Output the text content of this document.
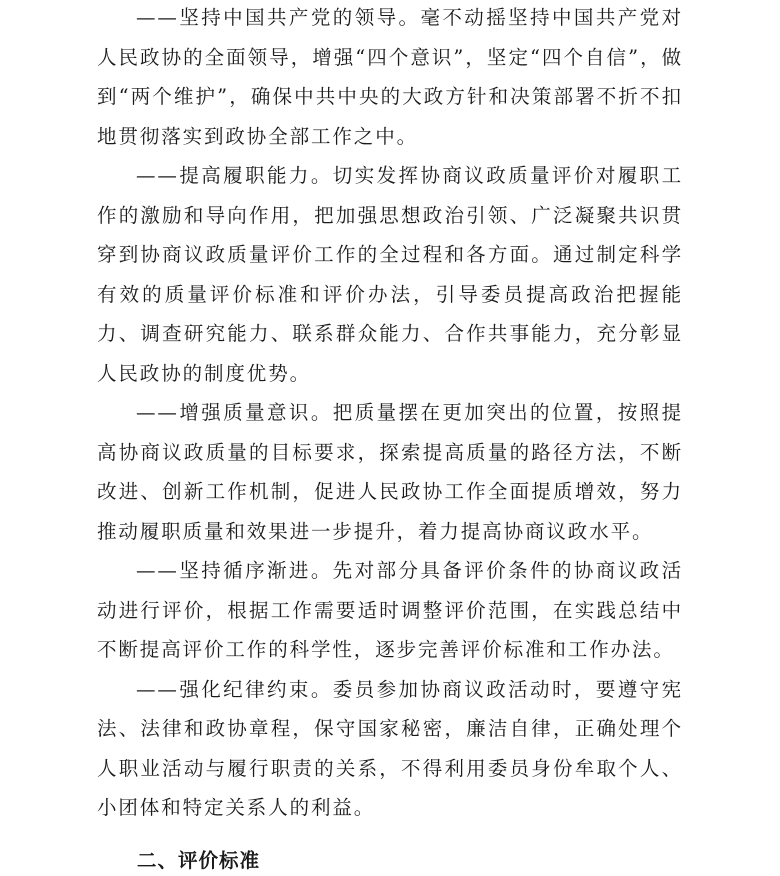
——坚持中国共产党的领导。毫不动摇坚持中国共产党对人民政协的全面领导，增强“四个意识”，坚定“四个自信”，做到“两个维护”，确保中共中央的大政方针和决策部署不折不扣地贯彻落实到政协全部工作之中。

——提高履职能力。切实发挥协商议政质量评价对履职工作的激励和导向作用，把加强思想政治引领、广泛凝聚共识贯穿到协商议政质量评价工作的全过程和各方面。通过制定科学有效的质量评价标准和评价办法，引导委员提高政治把握能力、调查研究能力、联系群众能力、合作共事能力，充分彰显人民政协的制度优势。

——增强质量意识。把质量摆在更加突出的位置，按照提高协商议政质量的目标要求，探索提高质量的路径方法，不断改进、创新工作机制，促进人民政协工作全面提质增效，努力推动履职质量和效果进一步提升，着力提高协商议政水平。

——坚持循序渐进。先对部分具备评价条件的协商议政活动进行评价，根据工作需要适时调整评价范围，在实践总结中不断提高评价工作的科学性，逐步完善评价标准和工作办法。

——强化纪律约束。委员参加协商议政活动时，要遵守宪法、法律和政协章程，保守国家秘密，廉洁自律，正确处理个人职业活动与履行职责的关系，不得利用委员身份牟取个人、小团体和特定关系人的利益。

二、评价标准
